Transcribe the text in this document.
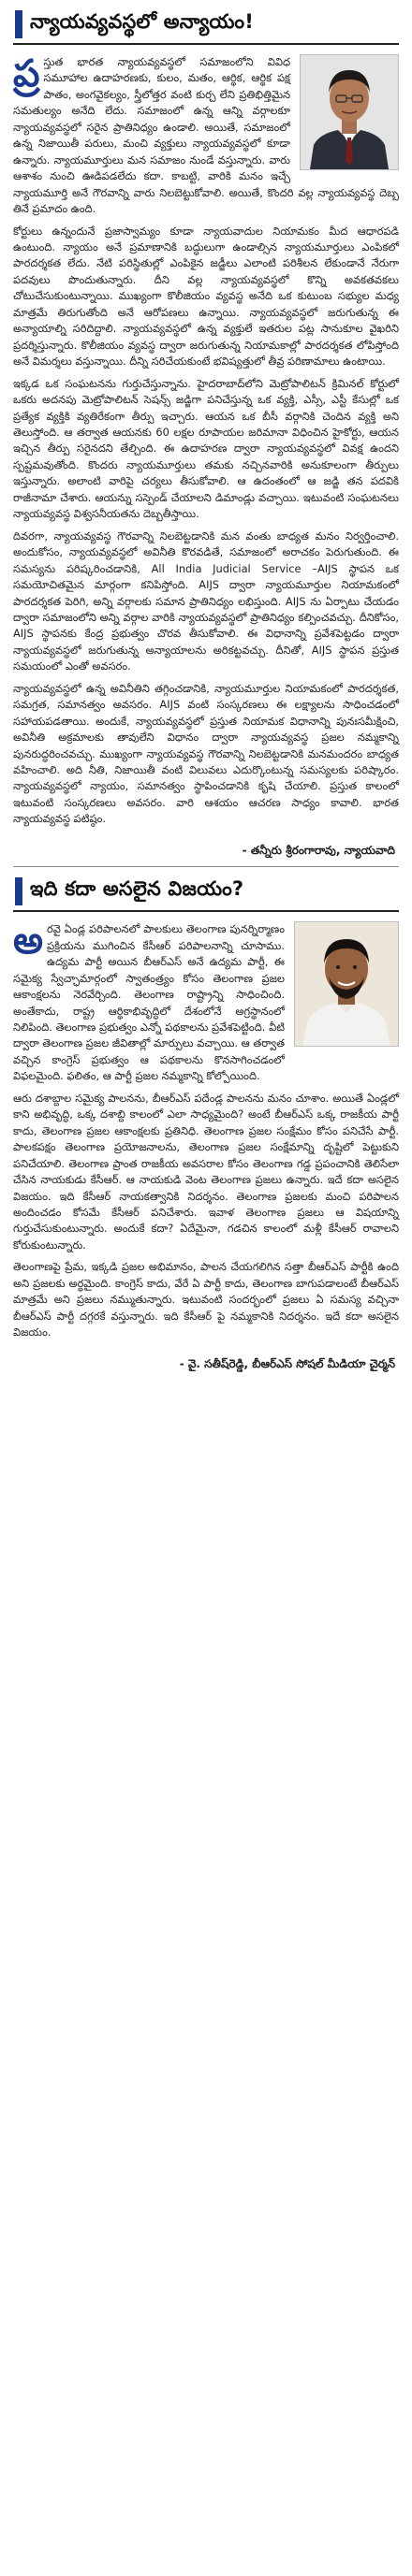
న్యాయవ్యవస్థలో అన్యాయం!
ప్ర స్తుత భారత న్యాయవ్యవస్థలో సమాజంలోని వివిధ సమూహాల ఉదాహరణకు, కులం, మతం, ఆర్థిక, ఆర్థిక పక్ష పాతం, అంగవైకల్యం, స్త్రీలోత్తర వంటి కుర్చ లేని ప్రతిభిత్తిమైన సమతుల్యం అనేది లేదు. సమాజంలో ఉన్న ఆన్ని వర్గాలకూ న్యాయవ్యవస్థలో సరైన ప్రాతినిధ్యం ఉండాలి. అయితే, సమాజంలో ఉన్న నిజాయితీ పరులు, మంచి వ్యక్తులు న్యాయవ్యవస్థలో కూడా ఉన్నారు. న్యాయమూర్తులు మన సమాజం నుండే వస్తున్నారు. వారు ఆశాశం నుంచి ఊడిపడలేదు కదా. కాబట్టి, వారికి మనం ఇచ్చే న్యాయమూర్తి అనే గౌరవాన్ని వారు నిలబెట్టుకోవాలి. అయితే, కొందరి వల్ల న్యాయవ్యవస్థ దెబ్బ తినే ప్రమాదం ఉంది.

కోర్టులు ఉన్నందునే ప్రజాస్వామ్యం కూడా న్యాయవాదుల నియామకం మీద ఆధారపడి ఉంటుంది. న్యాయం అనే ప్రమాణానికి బద్ధులుగా ఉండాల్సిన న్యాయమూర్తులు ఎంపికలో పారదర్శకత లేదు. నేటి పరిస్థితుల్లో ఎంపికైన జడ్జీలు ఎలాంటి పరిశీలన లేకుండానే నేరుగా పదవులు పొందుతున్నారు. దీని వల్ల న్యాయవ్యవస్థలో కొన్ని అవకతవకలు చోటుచేసుకుంటున్నాయి. ముఖ్యంగా కొలీజియం వ్యవస్థ అనేది ఒక కుటుంబ సభ్యుల మధ్య మాత్రమే తిరుగుతోంది అనే ఆరోపణలు ఉన్నాయి. న్యాయవ్యవస్థలో జరుగుతున్న ఈ అన్యాయాల్ని సరిదిద్దాలి. న్యాయవ్యవస్థలో ఉన్న వ్యక్తులే ఇతరుల పట్ల సానుకూల వైఖరిని ప్రదర్శిస్తున్నారు. కొలీజియం వ్యవస్థ ద్వారా జరుగుతున్న నియామకాల్లో పారదర్శకత లోపిస్తోంది అనే విమర్శలు వస్తున్నాయి. దీన్ని సరిచేయకుంటే భవిష్యత్తులో తీవ్ర పరిణామాలు ఉంటాయి.

ఇక్కడ ఒక సంఘటనను గుర్తుచేస్తున్నాను. హైదరాబాద్‌లోని మెట్రోపాలిటన్ క్రిమినల్ కోర్టులో ఒకరు అదనపు మెట్రోపాలిటన్ సెషన్స్ జడ్జిగా పనిచేస్తున్న ఒక వ్యక్తి, ఎస్సీ, ఎస్టీ కేసుల్లో ఒక ప్రత్యేక వ్యక్తికి వ్యతిరేకంగా తీర్పు ఇచ్చారు. ఆయన ఒక బీసీ వర్గానికి చెందిన వ్యక్తి అని తెలుస్తోంది. ఆ తర్వాత ఆయనకు 60 లక్షల రూపాయల జరిమానా విధించిన హైకోర్టు, ఆయన ఇచ్చిన తీర్పు సరైనదని తేల్చింది. ఈ ఉదాహరణ ద్వారా న్యాయవ్యవస్థలో వివక్ష ఉందని స్పష్టమవుతోంది. కొందరు న్యాయమూర్తులు తమకు నచ్చినవారికి అనుకూలంగా తీర్పులు ఇస్తున్నారు. అలాంటి వారిపై చర్యలు తీసుకోవాలి. ఆ ఉదంతంలో ఆ జడ్జి తన పదవికి రాజీనామా చేశారు. ఆయన్ను సస్పెండ్ చేయాలని డిమాండ్లు వచ్చాయి. ఇటువంటి సంఘటనలు న్యాయవ్యవస్థ విశ్వసనీయతను దెబ్బతీస్తాయి.

దివరగా, న్యాయవ్యవస్థ గౌరవాన్ని నిలబెట్టడానికి మన వంతు బాధ్యత మనం నిర్వర్తించాలి. అందుకోసం, న్యాయవ్యవస్థలో అవినీతి కొరవడితే, సమాజంలో అరాచకం పెరుగుతుంది. ఈ సమస్యను పరిష్కరించడానికి, All India Judicial Service –AIJS స్థాపన ఒక సమయోచితమైన మార్గంగా కనిపిస్తోంది. AIJS ద్వారా న్యాయమూర్తుల నియామకంలో పారదర్శకత పెరిగి, అన్ని వర్గాలకు సమాన ప్రాతినిధ్యం లభిస్తుంది. AIJS ను ఏర్పాటు చేయడం ద్వారా సమాజంలోని అన్ని వర్గాల వారికి న్యాయవ్యవస్థలో ప్రాతినిధ్యం కల్పించవచ్చు. దీనికోసం, AIJS స్థాపనకు కేంద్ర ప్రభుత్వం చొరవ తీసుకోవాలి. ఈ విధానాన్ని ప్రవేశపెట్టడం ద్వారా న్యాయవ్యవస్థలో జరుగుతున్న అన్యాయాలను అరికట్టవచ్చు. దీనితో, AIJS స్థాపన ప్రస్తుత సమయంలో ఎంతో అవసరం.

న్యాయవ్యవస్థలో ఉన్న అవినీతిని తగ్గించడానికి, న్యాయమూర్తుల నియామకంలో పారదర్శకత, సమగ్రత, సమానత్వం అవసరం. AIJS వంటి సంస్కరణలు ఈ లక్ష్యాలను సాధించడంలో సహాయపడతాయి. అందుకే, న్యాయవ్యవస్థలో ప్రస్తుత నియామక విధానాన్ని పునఃసమీక్షించి, అవినీతి అక్రమాలకు తావులేని విధానం ద్వారా న్యాయవ్యవస్థ ప్రజల నమ్మకాన్ని పునరుద్ధరించవచ్చు. ముఖ్యంగా న్యాయవ్యవస్థ గౌరవాన్ని నిలబెట్టడానికి మనమందరం బాధ్యత వహించాలి. అది నీతి, నిజాయితీ వంటి విలువలు ఎదుర్కొంటున్న సమస్యలకు పరిష్కారం. న్యాయవ్యవస్థలో న్యాయం, సమానత్వం స్థాపించడానికి కృషి చేయాలి. ప్రస్తుత కాలంలో ఇటువంటి సంస్కరణలు అవసరం. వారి ఆశయం ఆచరణ సాధ్యం కావాలి. భారత న్యాయవ్యవస్థ పటిష్ఠం.

- తన్నీరు శ్రీరంగారావు, న్యాయవాది
ఇది కదా అసలైన విజయం?
అ రవై ఏండ్ల పరిపాలనలో పాలకులు తెలంగాణ పునర్నిర్మాణం ప్రక్రియను ముగించిన కేసీఆర్ పరిపాలనాన్ని చూసాము. ఉద్యమ పార్టీ అయిన బీఆర్ఎస్ అనే ఉద్యమ పార్టీ, ఈ సమైక్య స్వేచ్ఛామార్గంలో స్వాతంత్ర్యం కోసం తెలంగాణ ప్రజల ఆకాంక్షలను నెరవేర్చింది. తెలంగాణ రాష్ట్రాన్ని సాధించింది. అంతేకాదు, రాష్ట్ర ఆర్థికాభివృద్ధిలో దేశంలోనే అగ్రస్థానంలో నిలిపింది. తెలంగాణ ప్రభుత్వం ఎన్నో పథకాలను ప్రవేశపెట్టింది. వీటి ద్వారా తెలంగాణ ప్రజల జీవితాల్లో మార్పులు వచ్చాయి. ఆ తర్వాత వచ్చిన కాంగ్రెస్ ప్రభుత్వం ఆ పథకాలను కొనసాగించడంలో విఫలమైంది. ఫలితం, ఆ పార్టీ ప్రజల నమ్మకాన్ని కోల్పోయింది.

ఆరు దశాబ్దాల సమైక్య పాలనను, బీఆర్ఎస్ పదేండ్ల పాలనను మనం చూశాం. అయితే ఏండ్లలో కాని అభివృద్ధి, ఒక్క దశాబ్ది కాలంలో ఎలా సాధ్యమైంది? అంటే బీఆర్ఎస్ ఒక్క రాజకీయ పార్టీ కాదు, తెలంగాణ ప్రజల ఆకాంక్షలకు ప్రతినిధి. తెలంగాణ ప్రజల సంక్షేమం కోసం పనిచేసే పార్టీ. పాలకపక్షం తెలంగాణ ప్రయోజనాలను, తెలంగాణ ప్రజల సంక్షేమాన్ని దృష్టిలో పెట్టుకుని పనిచేయాలి. తెలంగాణ ప్రాంత రాజకీయ అవసరాల కోసం తెలంగాణ గడ్డ ప్రపంచానికి తెలిసేలా చేసిన నాయకుడు కేసీఆర్. ఆ నాయకుడి వెంట తెలంగాణ ప్రజలు ఉన్నారు. ఇదే కదా అసలైన విజయం. ఇది కేసీఆర్ నాయకత్వానికి నిదర్శనం. తెలంగాణ ప్రజలకు మంచి పరిపాలన అందించడం కోసమే కేసీఆర్ పనిచేశారు. ఇవాళ తెలంగాణ ప్రజలు ఆ విషయాన్ని గుర్తుచేసుకుంటున్నారు. అందుకే కదా? ఏదేమైనా, గడచిన కాలంలో మళ్లీ కేసీఆర్ రావాలని కోరుకుంటున్నారు.

తెలంగాణపై ప్రేమ, ఇక్కడి ప్రజల అభిమానం, పాలన చేయగలిగిన సత్తా బీఆర్ఎస్ పార్టీకి ఉంది అని ప్రజలకు అర్థమైంది. కాంగ్రెస్ కాదు, వేరే ఏ పార్టీ కాదు, తెలంగాణ బాగుపడాలంటే బీఆర్ఎస్ మాత్రమే అని ప్రజలు నమ్ముతున్నారు. ఇటువంటి సందర్భంలో ప్రజలు ఏ సమస్య వచ్చినా బీఆర్ఎస్ పార్టీ దగ్గరకే వస్తున్నారు. ఇది కేసీఆర్ పై నమ్మకానికి నిదర్శనం. ఇదే కదా అసలైన విజయం.

- వై. సతీష్‌రెడ్డి, బీఆర్ఎస్ సోషల్ మీడియా చైర్మన్
